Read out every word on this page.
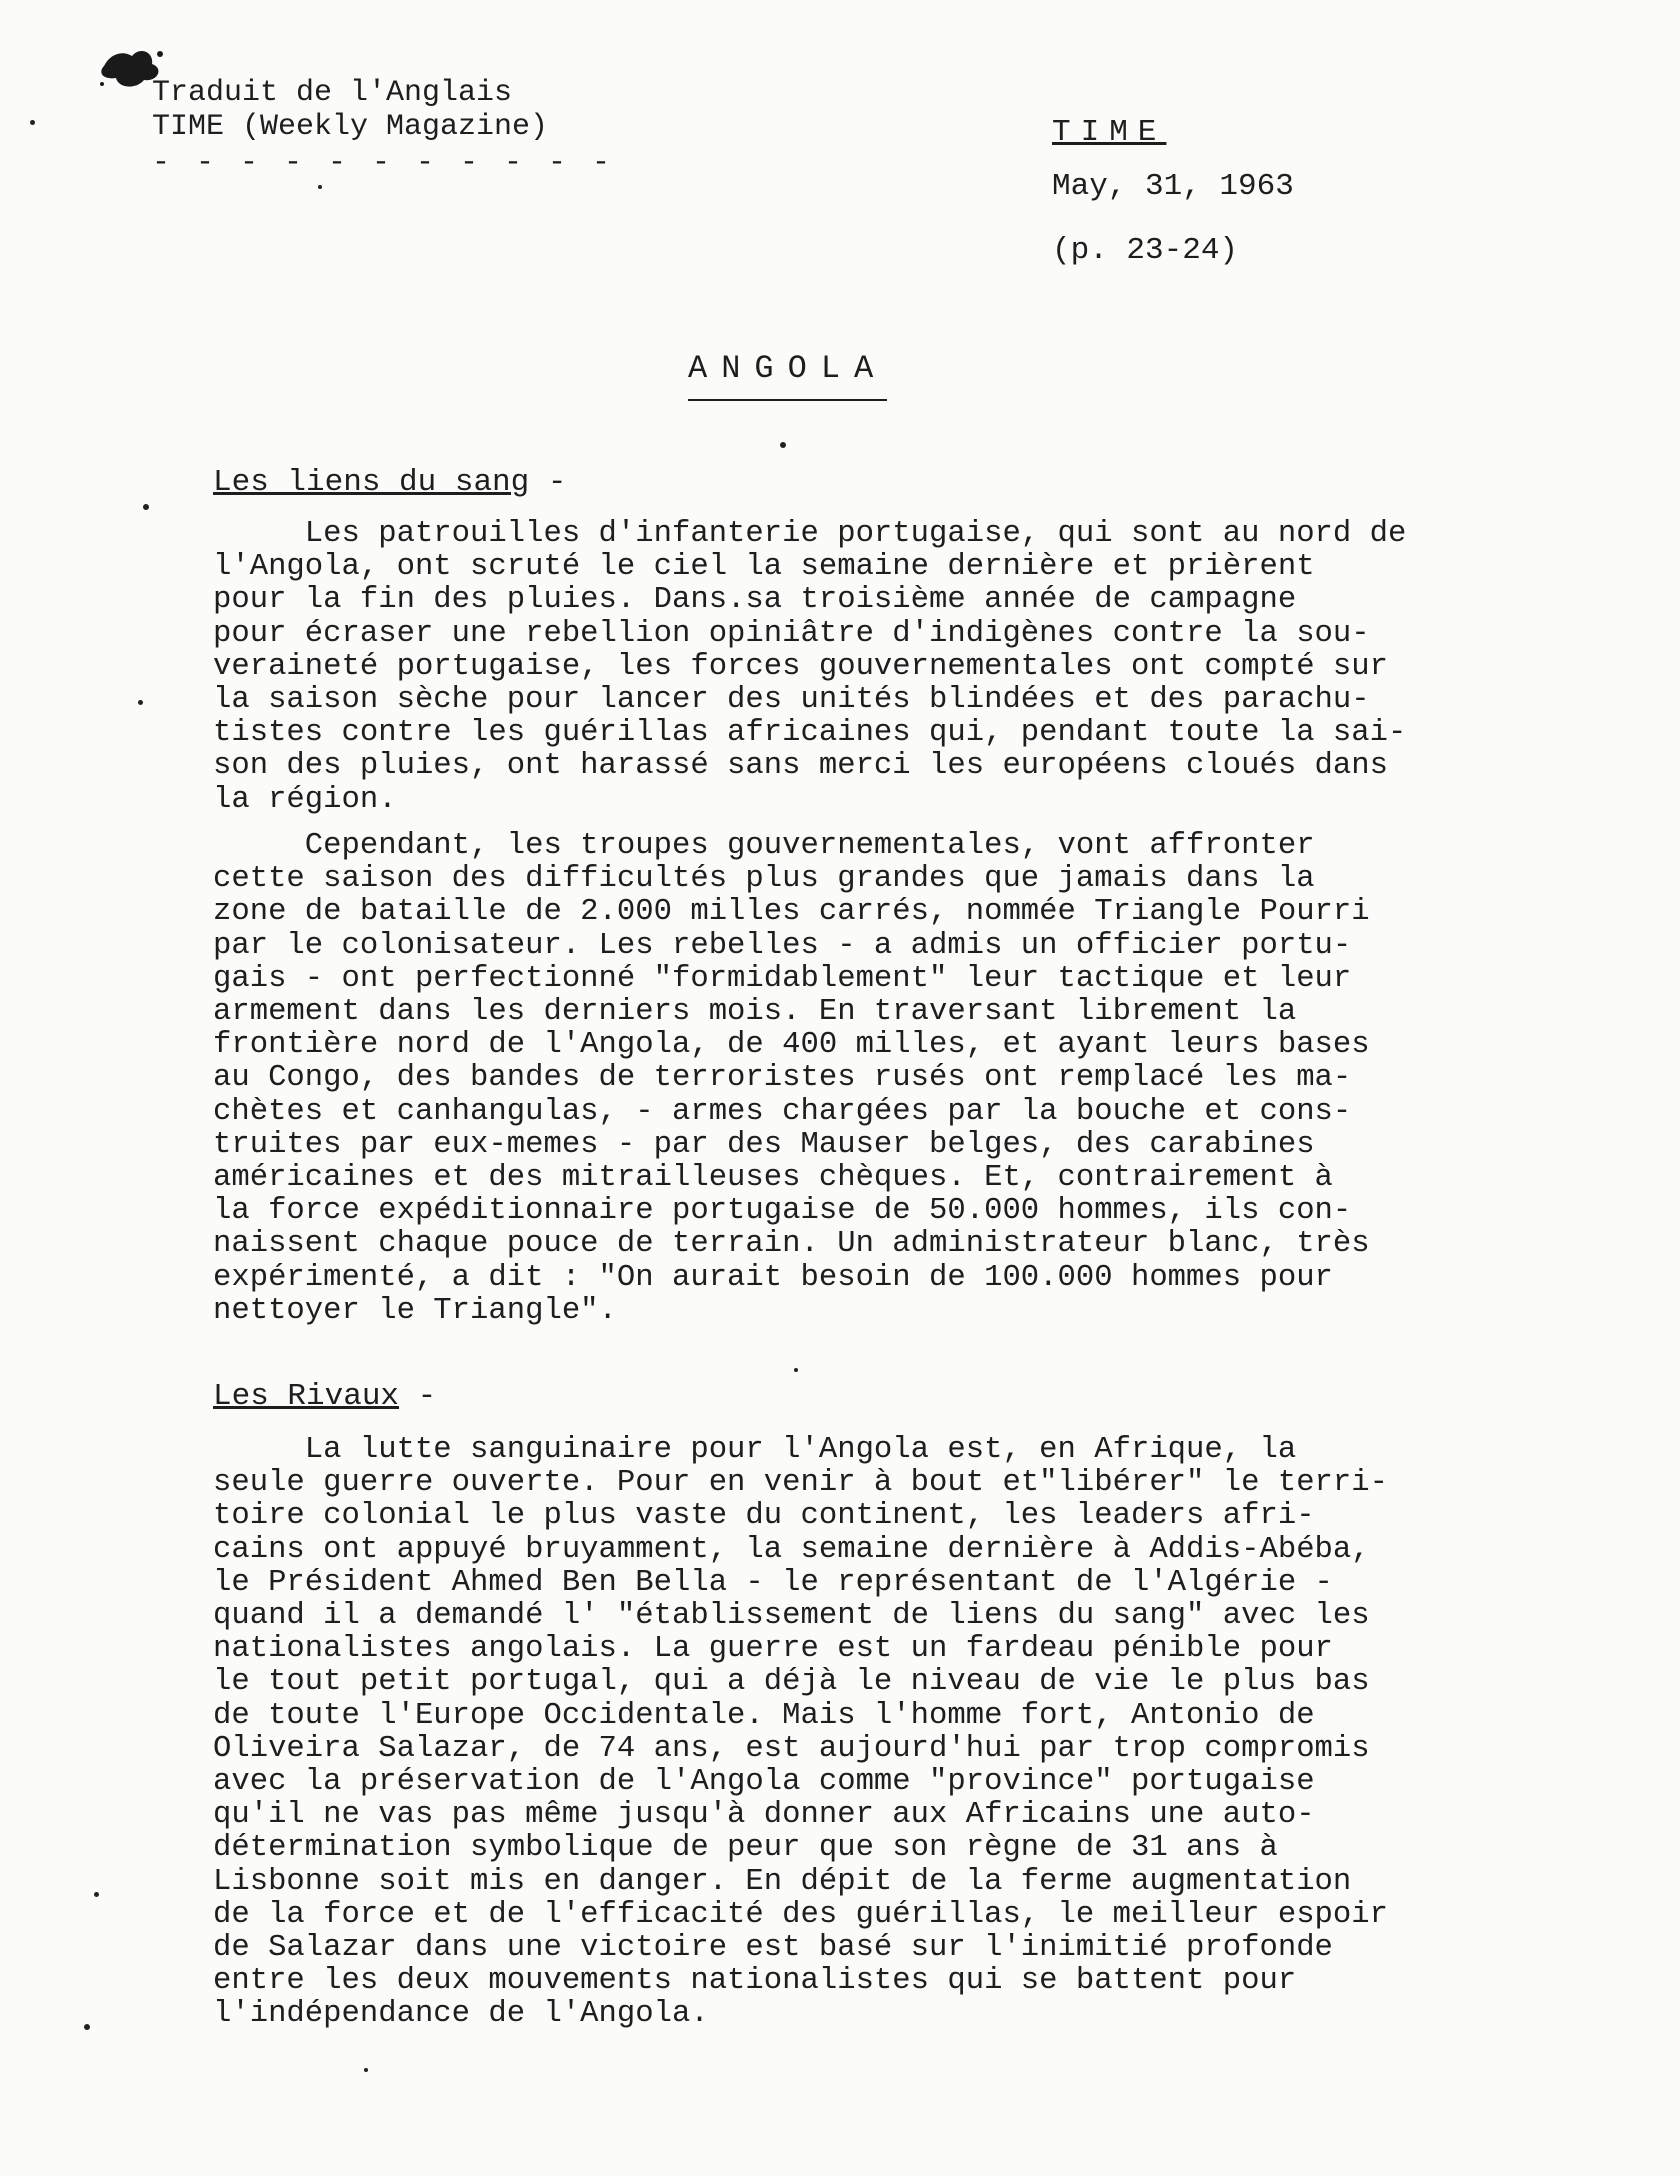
Traduit de l'Anglais
TIME (Weekly Magazine)
- - - - - - - - - - -
TIME
May, 31, 1963
(p. 23-24)
ANGOLA
Les liens du sang -
Les patrouilles d'infanterie portugaise, qui sont au nord de
l'Angola, ont scruté le ciel la semaine dernière et prièrent
pour la fin des pluies. Dans.sa troisième année de campagne
pour écraser une rebellion opiniâtre d'indigènes contre la sou-
veraineté portugaise, les forces gouvernementales ont compté sur
la saison sèche pour lancer des unités blindées et des parachu-
tistes contre les guérillas africaines qui, pendant toute la sai-
son des pluies, ont harassé sans merci les européens cloués dans
la région.
Cependant, les troupes gouvernementales, vont affronter
cette saison des difficultés plus grandes que jamais dans la
zone de bataille de 2.000 milles carrés, nommée Triangle Pourri
par le colonisateur. Les rebelles - a admis un officier portu-
gais - ont perfectionné "formidablement" leur tactique et leur
armement dans les derniers mois. En traversant librement la
frontière nord de l'Angola, de 400 milles, et ayant leurs bases
au Congo, des bandes de terroristes rusés ont remplacé les ma-
chètes et canhangulas, - armes chargées par la bouche et cons-
truites par eux-memes - par des Mauser belges, des carabines
américaines et des mitrailleuses chèques. Et, contrairement à
la force expéditionnaire portugaise de 50.000 hommes, ils con-
naissent chaque pouce de terrain. Un administrateur blanc, très
expérimenté, a dit : "On aurait besoin de 100.000 hommes pour
nettoyer le Triangle".
Les Rivaux -
La lutte sanguinaire pour l'Angola est, en Afrique, la
seule guerre ouverte. Pour en venir à bout et"libérer" le terri-
toire colonial le plus vaste du continent, les leaders afri-
cains ont appuyé bruyamment, la semaine dernière à Addis-Abéba,
le Président Ahmed Ben Bella - le représentant de l'Algérie -
quand il a demandé l' "établissement de liens du sang" avec les
nationalistes angolais. La guerre est un fardeau pénible pour
le tout petit portugal, qui a déjà le niveau de vie le plus bas
de toute l'Europe Occidentale. Mais l'homme fort, Antonio de
Oliveira Salazar, de 74 ans, est aujourd'hui par trop compromis
avec la préservation de l'Angola comme "province" portugaise
qu'il ne vas pas même jusqu'à donner aux Africains une auto-
détermination symbolique de peur que son règne de 31 ans à
Lisbonne soit mis en danger. En dépit de la ferme augmentation
de la force et de l'efficacité des guérillas, le meilleur espoir
de Salazar dans une victoire est basé sur l'inimitié profonde
entre les deux mouvements nationalistes qui se battent pour
l'indépendance de l'Angola.
